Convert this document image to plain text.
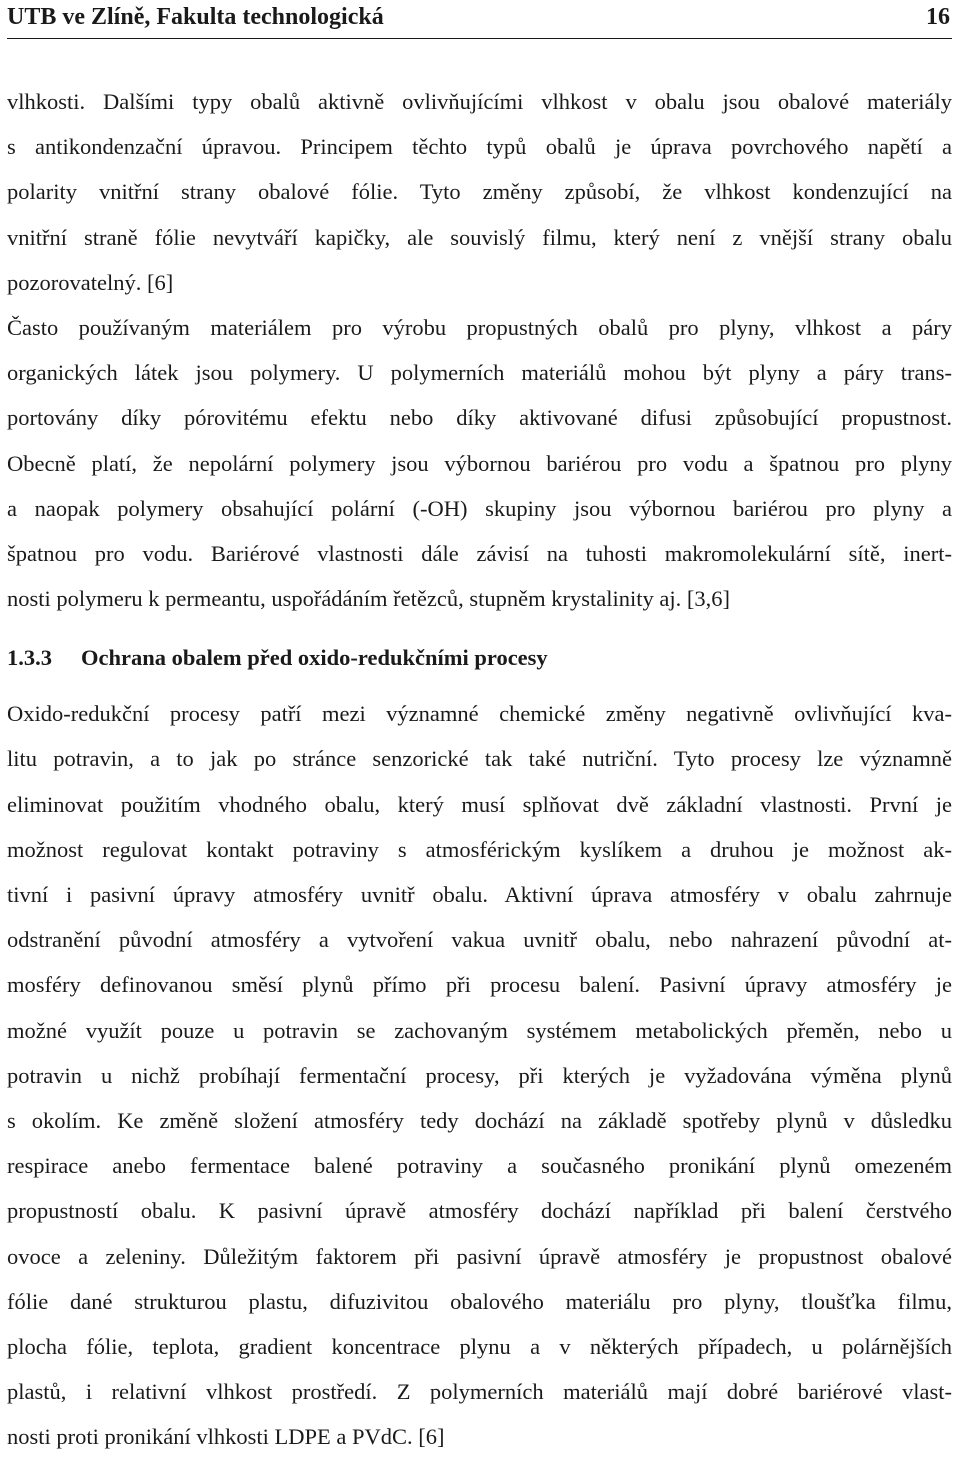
UTB ve Zlíně, Fakulta technologická	16
vlhkosti. Dalšími typy obalů aktivně ovlivňujícími vlhkost v obalu jsou obalové materiály
s antikondenzační úpravou. Principem těchto typů obalů je úprava povrchového napětí a
polarity vnitřní strany obalové fólie. Tyto změny způsobí, že vlhkost kondenzující na
vnitřní straně fólie nevytváří kapičky, ale souvislý filmu, který není z vnější strany obalu
pozorovatelný. [6]
Často používaným materiálem pro výrobu propustných obalů pro plyny, vlhkost a páry
organických látek jsou polymery. U polymerních materiálů mohou být plyny a páry trans-
portovány díky pórovitému efektu nebo díky aktivované difusi způsobující propustnost.
Obecně platí, že nepolární polymery jsou výbornou bariérou pro vodu a špatnou pro plyny
a naopak polymery obsahující polární (-OH) skupiny jsou výbornou bariérou pro plyny a
špatnou pro vodu. Bariérové vlastnosti dále závisí na tuhosti makromolekulární sítě, inert-
nosti polymeru k permeantu, uspořádáním řetězců, stupněm krystalinity aj. [3,6]
1.3.3 Ochrana obalem před oxido-redukčními procesy
Oxido-redukční procesy patří mezi významné chemické změny negativně ovlivňující kva-
litu potravin, a to jak po stránce senzorické tak také nutriční. Tyto procesy lze významně
eliminovat použitím vhodného obalu, který musí splňovat dvě základní vlastnosti. První je
možnost regulovat kontakt potraviny s atmosférickým kyslíkem a druhou je možnost ak-
tivní i pasivní úpravy atmosféry uvnitř obalu. Aktivní úprava atmosféry v obalu zahrnuje
odstranění původní atmosféry a vytvoření vakua uvnitř obalu, nebo nahrazení původní at-
mosféry definovanou směsí plynů přímo při procesu balení. Pasivní úpravy atmosféry je
možné využít pouze u potravin se zachovaným systémem metabolických přeměn, nebo u
potravin u nichž probíhají fermentační procesy, při kterých je vyžadována výměna plynů
s okolím. Ke změně složení atmosféry tedy dochází na základě spotřeby plynů v důsledku
respirace anebo fermentace balené potraviny a současného pronikání plynů omezeném
propustností obalu. K pasivní úpravě atmosféry dochází například při balení čerstvého
ovoce a zeleniny. Důležitým faktorem při pasivní úpravě atmosféry je propustnost obalové
fólie dané strukturou plastu, difuzivitou obalového materiálu pro plyny, tloušťka filmu,
plocha fólie, teplota, gradient koncentrace plynu a v některých případech, u polárnějších
plastů, i relativní vlhkost prostředí. Z polymerních materiálů mají dobré bariérové vlast-
nosti proti pronikání vlhkosti LDPE a PVdC. [6]
